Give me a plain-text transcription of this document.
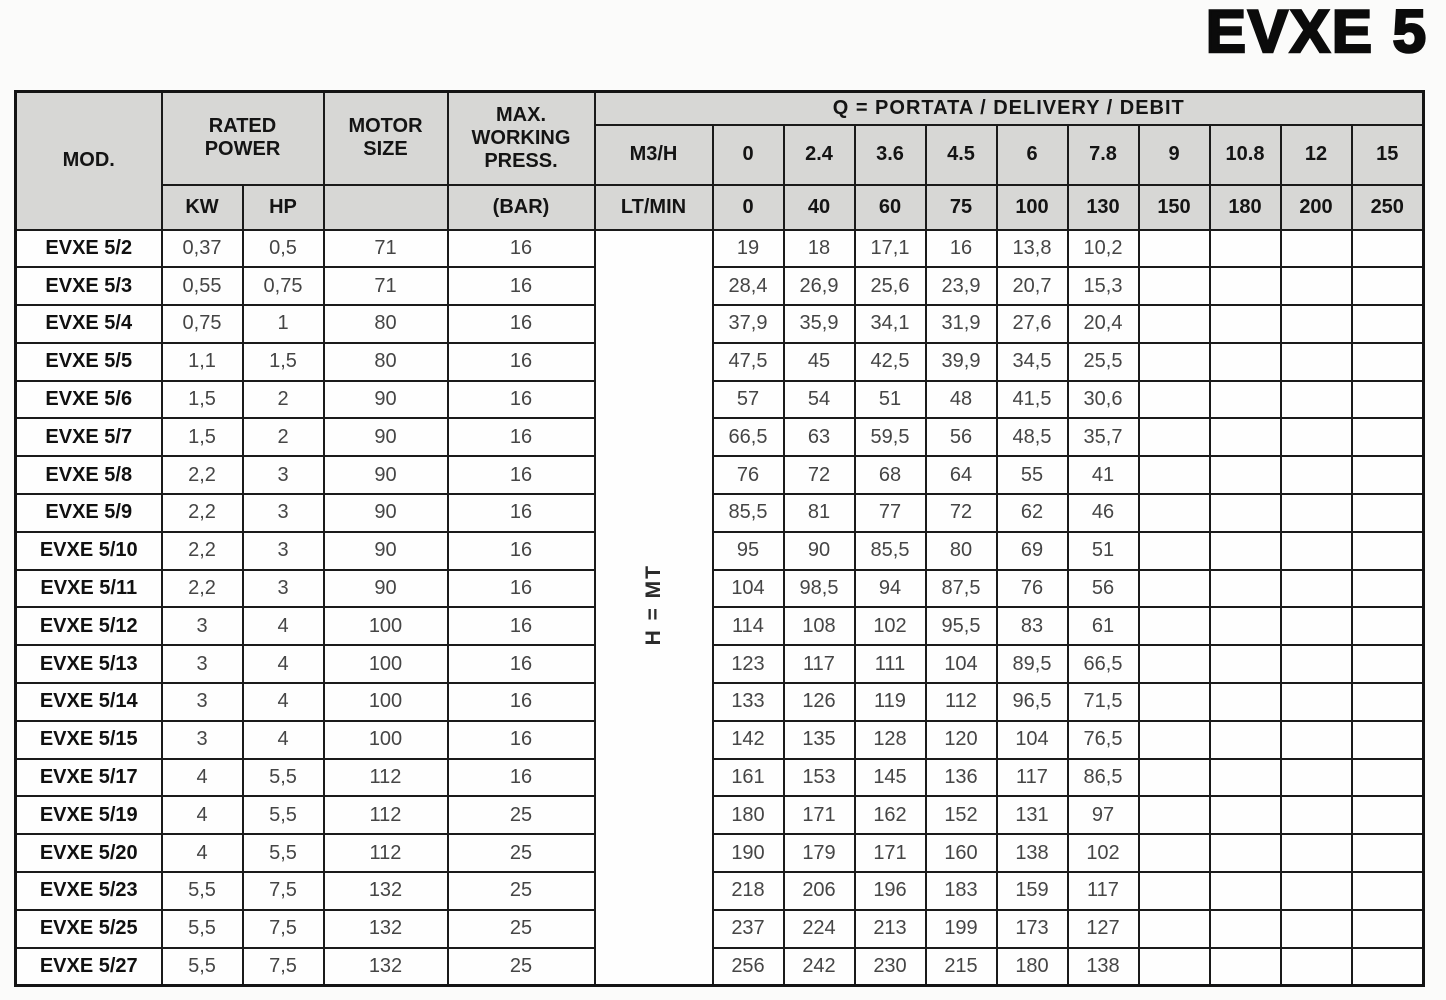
EVXE 5
MOD.	RATED POWER		MOTOR SIZE	MAX. WORKING PRESS.	Q = PORTATA / DELIVERY / DEBIT										
					M3/H	0	2.4	3.6	4.5	6	7.8	9	10.8	12	15
	KW	HP		(BAR)	LT/MIN	0	40	60	75	100	130	150	180	200	250
EVXE 5/2	0,37	0,5	71	16	H = MT	19	18	17,1	16	13,8	10,2				
EVXE 5/3	0,55	0,75	71	16		28,4	26,9	25,6	23,9	20,7	15,3				
EVXE 5/4	0,75	1	80	16		37,9	35,9	34,1	31,9	27,6	20,4				
EVXE 5/5	1,1	1,5	80	16		47,5	45	42,5	39,9	34,5	25,5				
EVXE 5/6	1,5	2	90	16		57	54	51	48	41,5	30,6				
EVXE 5/7	1,5	2	90	16		66,5	63	59,5	56	48,5	35,7				
EVXE 5/8	2,2	3	90	16		76	72	68	64	55	41				
EVXE 5/9	2,2	3	90	16		85,5	81	77	72	62	46				
EVXE 5/10	2,2	3	90	16		95	90	85,5	80	69	51				
EVXE 5/11	2,2	3	90	16		104	98,5	94	87,5	76	56				
EVXE 5/12	3	4	100	16		114	108	102	95,5	83	61				
EVXE 5/13	3	4	100	16		123	117	111	104	89,5	66,5				
EVXE 5/14	3	4	100	16		133	126	119	112	96,5	71,5				
EVXE 5/15	3	4	100	16		142	135	128	120	104	76,5				
EVXE 5/17	4	5,5	112	16		161	153	145	136	117	86,5				
EVXE 5/19	4	5,5	112	25		180	171	162	152	131	97				
EVXE 5/20	4	5,5	112	25		190	179	171	160	138	102				
EVXE 5/23	5,5	7,5	132	25		218	206	196	183	159	117				
EVXE 5/25	5,5	7,5	132	25		237	224	213	199	173	127				
EVXE 5/27	5,5	7,5	132	25		256	242	230	215	180	138				
